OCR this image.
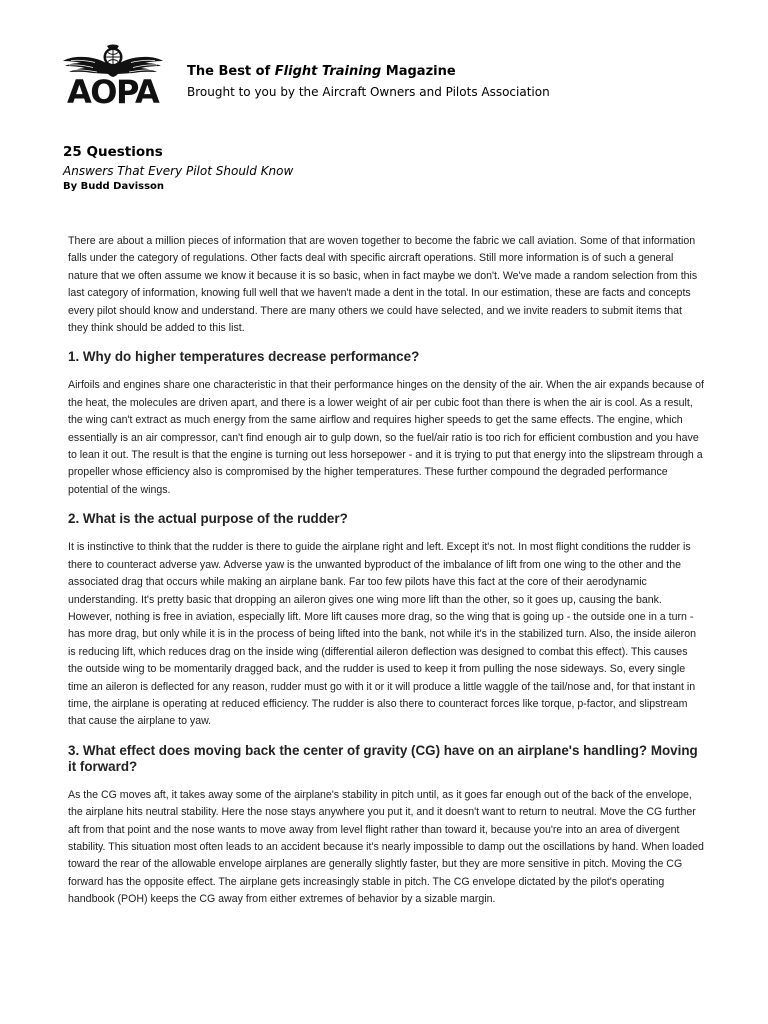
AOPA

The Best of Flight Training Magazine

Brought to you by the Aircraft Owners and Pilots Association

25 Questions

Answers That Every Pilot Should Know

By Budd Davisson

There are about a million pieces of information that are woven together to become the fabric we call aviation. Some of that information falls under the category of regulations. Other facts deal with specific aircraft operations. Still more information is of such a general nature that we often assume we know it because it is so basic, when in fact maybe we don't. We've made a random selection from this last category of information, knowing full well that we haven't made a dent in the total. In our estimation, these are facts and concepts every pilot should know and understand. There are many others we could have selected, and we invite readers to submit items that they think should be added to this list.

1. Why do higher temperatures decrease performance?

Airfoils and engines share one characteristic in that their performance hinges on the density of the air. When the air expands because of the heat, the molecules are driven apart, and there is a lower weight of air per cubic foot than there is when the air is cool. As a result, the wing can't extract as much energy from the same airflow and requires higher speeds to get the same effects. The engine, which essentially is an air compressor, can't find enough air to gulp down, so the fuel/air ratio is too rich for efficient combustion and you have to lean it out. The result is that the engine is turning out less horsepower - and it is trying to put that energy into the slipstream through a propeller whose efficiency also is compromised by the higher temperatures. These further compound the degraded performance potential of the wings.

2. What is the actual purpose of the rudder?

It is instinctive to think that the rudder is there to guide the airplane right and left. Except it's not. In most flight conditions the rudder is there to counteract adverse yaw. Adverse yaw is the unwanted byproduct of the imbalance of lift from one wing to the other and the associated drag that occurs while making an airplane bank. Far too few pilots have this fact at the core of their aerodynamic understanding. It's pretty basic that dropping an aileron gives one wing more lift than the other, so it goes up, causing the bank. However, nothing is free in aviation, especially lift. More lift causes more drag, so the wing that is going up - the outside one in a turn - has more drag, but only while it is in the process of being lifted into the bank, not while it's in the stabilized turn. Also, the inside aileron is reducing lift, which reduces drag on the inside wing (differential aileron deflection was designed to combat this effect). This causes the outside wing to be momentarily dragged back, and the rudder is used to keep it from pulling the nose sideways. So, every single time an aileron is deflected for any reason, rudder must go with it or it will produce a little waggle of the tail/nose and, for that instant in time, the airplane is operating at reduced efficiency. The rudder is also there to counteract forces like torque, p-factor, and slipstream that cause the airplane to yaw.

3. What effect does moving back the center of gravity (CG) have on an airplane's handling? Moving it forward?

As the CG moves aft, it takes away some of the airplane's stability in pitch until, as it goes far enough out of the back of the envelope, the airplane hits neutral stability. Here the nose stays anywhere you put it, and it doesn't want to return to neutral. Move the CG further aft from that point and the nose wants to move away from level flight rather than toward it, because you're into an area of divergent stability. This situation most often leads to an accident because it's nearly impossible to damp out the oscillations by hand. When loaded toward the rear of the allowable envelope airplanes are generally slightly faster, but they are more sensitive in pitch. Moving the CG forward has the opposite effect. The airplane gets increasingly stable in pitch. The CG envelope dictated by the pilot's operating handbook (POH) keeps the CG away from either extremes of behavior by a sizable margin.
